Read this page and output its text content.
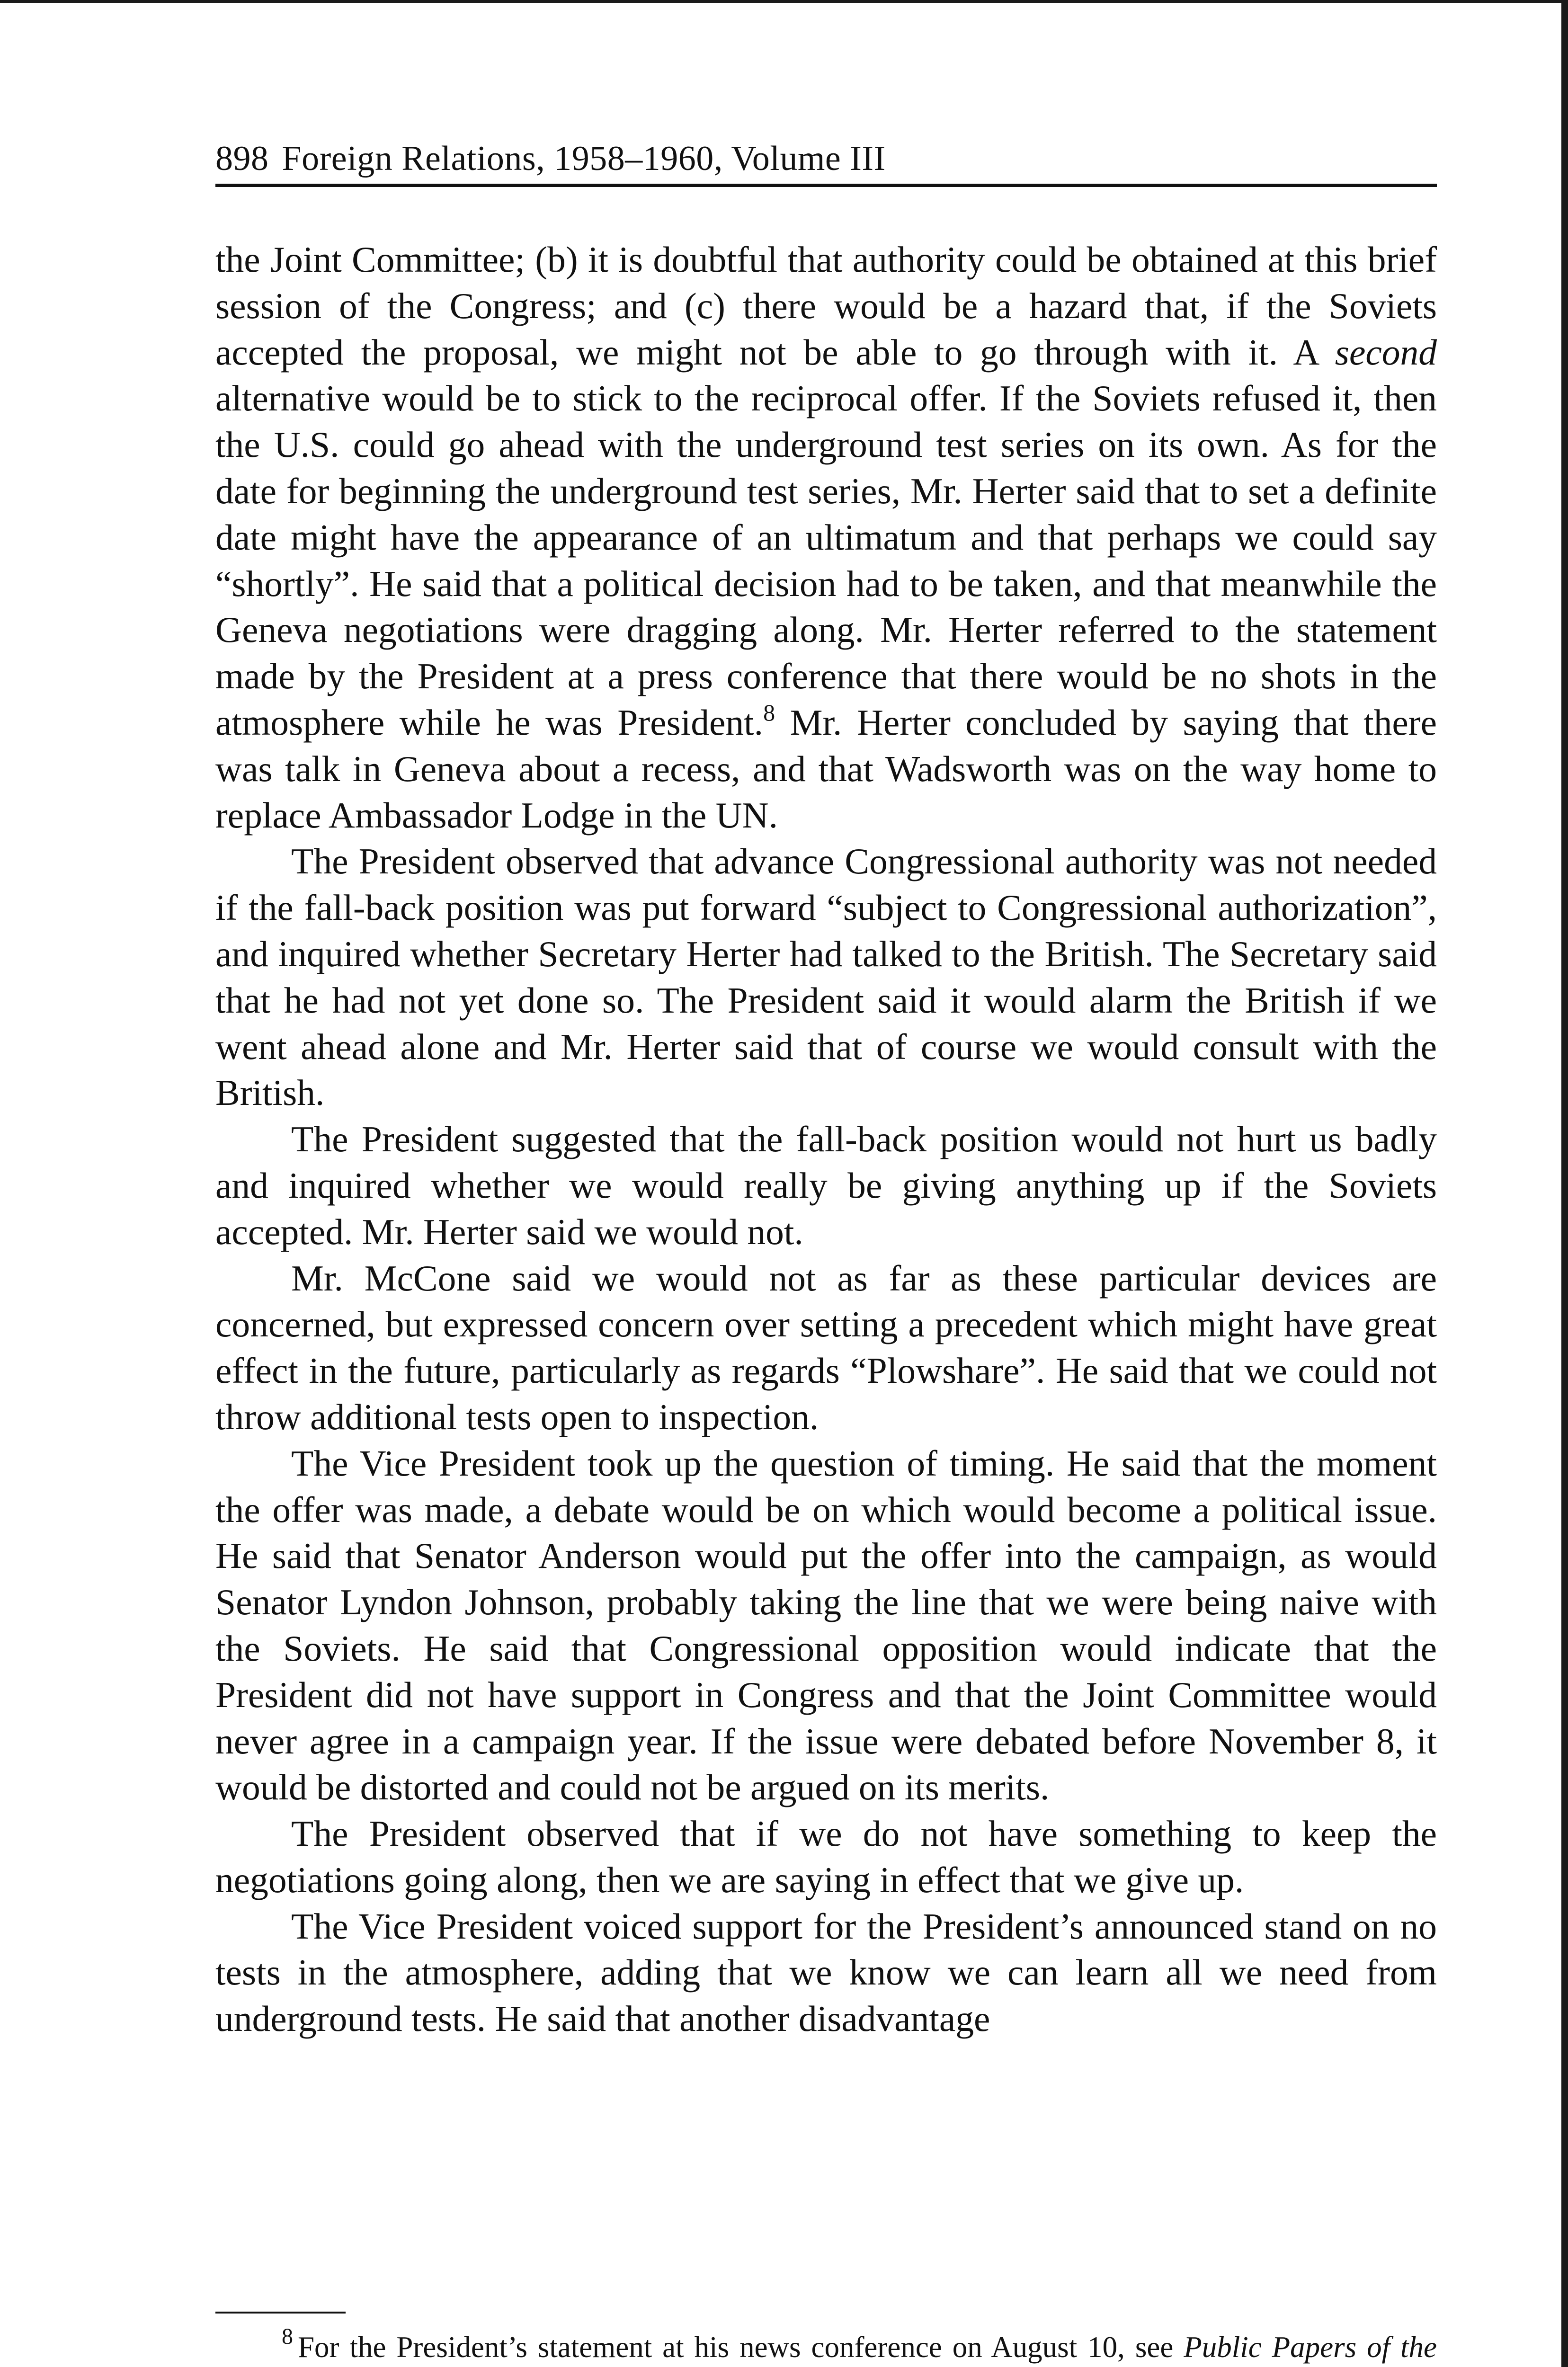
898 Foreign Relations, 1958–1960, Volume III

the Joint Committee; (b) it is doubtful that authority could be obtained at this brief session of the Congress; and (c) there would be a hazard that, if the Soviets accepted the proposal, we might not be able to go through with it. A second alternative would be to stick to the reciprocal offer. If the Soviets refused it, then the U.S. could go ahead with the underground test series on its own. As for the date for beginning the underground test series, Mr. Herter said that to set a definite date might have the appearance of an ultimatum and that perhaps we could say “shortly”. He said that a political decision had to be taken, and that meanwhile the Geneva negotiations were dragging along. Mr. Herter referred to the statement made by the President at a press conference that there would be no shots in the atmosphere while he was President.$^8$ Mr. Herter concluded by saying that there was talk in Geneva about a recess, and that Wadsworth was on the way home to replace Ambassador Lodge in the UN.

The President observed that advance Congressional authority was not needed if the fall-back position was put forward “subject to Congressional authorization”, and inquired whether Secretary Herter had talked to the British. The Secretary said that he had not yet done so. The President said it would alarm the British if we went ahead alone and Mr. Herter said that of course we would consult with the British.

The President suggested that the fall-back position would not hurt us badly and inquired whether we would really be giving anything up if the Soviets accepted. Mr. Herter said we would not.

Mr. McCone said we would not as far as these particular devices are concerned, but expressed concern over setting a precedent which might have great effect in the future, particularly as regards “Plowshare”. He said that we could not throw additional tests open to inspection.

The Vice President took up the question of timing. He said that the moment the offer was made, a debate would be on which would become a political issue. He said that Senator Anderson would put the offer into the campaign, as would Senator Lyndon Johnson, probably taking the line that we were being naive with the Soviets. He said that Congressional opposition would indicate that the President did not have support in Congress and that the Joint Committee would never agree in a campaign year. If the issue were debated before November 8, it would be distorted and could not be argued on its merits.

The President observed that if we do not have something to keep the negotiations going along, then we are saying in effect that we give up.

The Vice President voiced support for the President’s announced stand on no tests in the atmosphere, adding that we know we can learn all we need from underground tests. He said that another disadvantage

$^8$ For the President’s statement at his news conference on August 10, see Public Papers of the
